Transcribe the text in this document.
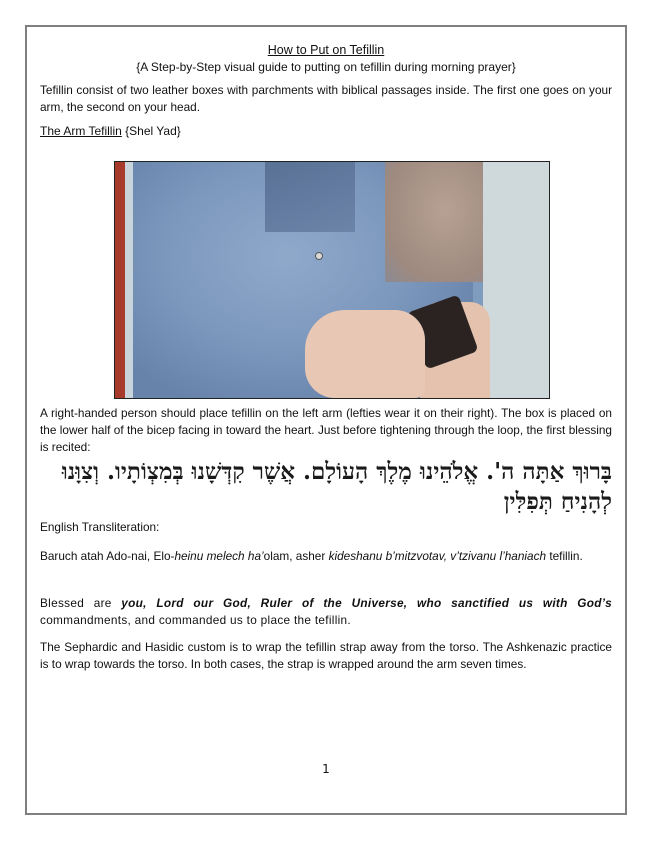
How to Put on Tefillin
{A Step-by-Step visual guide to putting on tefillin during morning prayer}
Tefillin consist of two leather boxes with parchments with biblical passages inside. The first one goes on your arm, the second on your head.
The Arm Tefillin {Shel Yad}
A right-handed person should place tefillin on the left arm (lefties wear it on their right). The box is placed on the lower half of the bicep facing in toward the heart. Just before tightening through the loop, the first blessing is recited:
בָּרוּךְ אַתָּה ה'. אֱלֹהֵינוּ מֶלֶךְ הָעוֹלָם. אֲשֶׁר קִדְּשָׁנוּ בְּמִצְוֹתָיו. וְצִוָּנוּ לְהָנִיחַ תְּפִלִּין
English Transliteration:
Baruch atah Ado-nai, Elo-heinu melech ha’olam, asher kideshanu b’mitzvotav, v’tzivanu l’haniach tefillin.
Blessed are you, Lord our God, Ruler of the Universe, who sanctified us with God’s commandments, and commanded us to place the tefillin.
The Sephardic and Hasidic custom is to wrap the tefillin strap away from the torso. The Ashkenazic practice is to wrap towards the torso. In both cases, the strap is wrapped around the arm seven times.
1
